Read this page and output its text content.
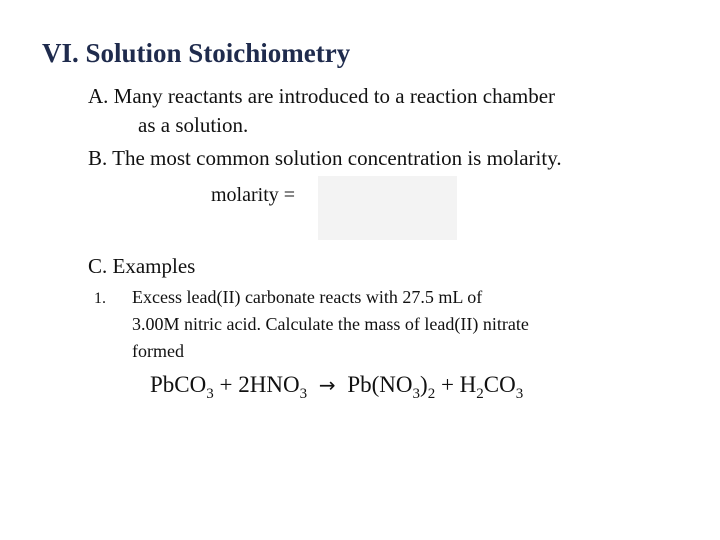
VI. Solution Stoichiometry
A. Many reactants are introduced to a reaction chamber
as a solution.
B. The most common solution concentration is molarity.
molarity =
C. Examples
1. Excess lead(II) carbonate reacts with 27.5 mL of
3.00M nitric acid. Calculate the mass of lead(II) nitrate
formed
PbCO$_3$ + $2HNO_3 \to Pb(NO_3)_2 + H_2CO_3$
